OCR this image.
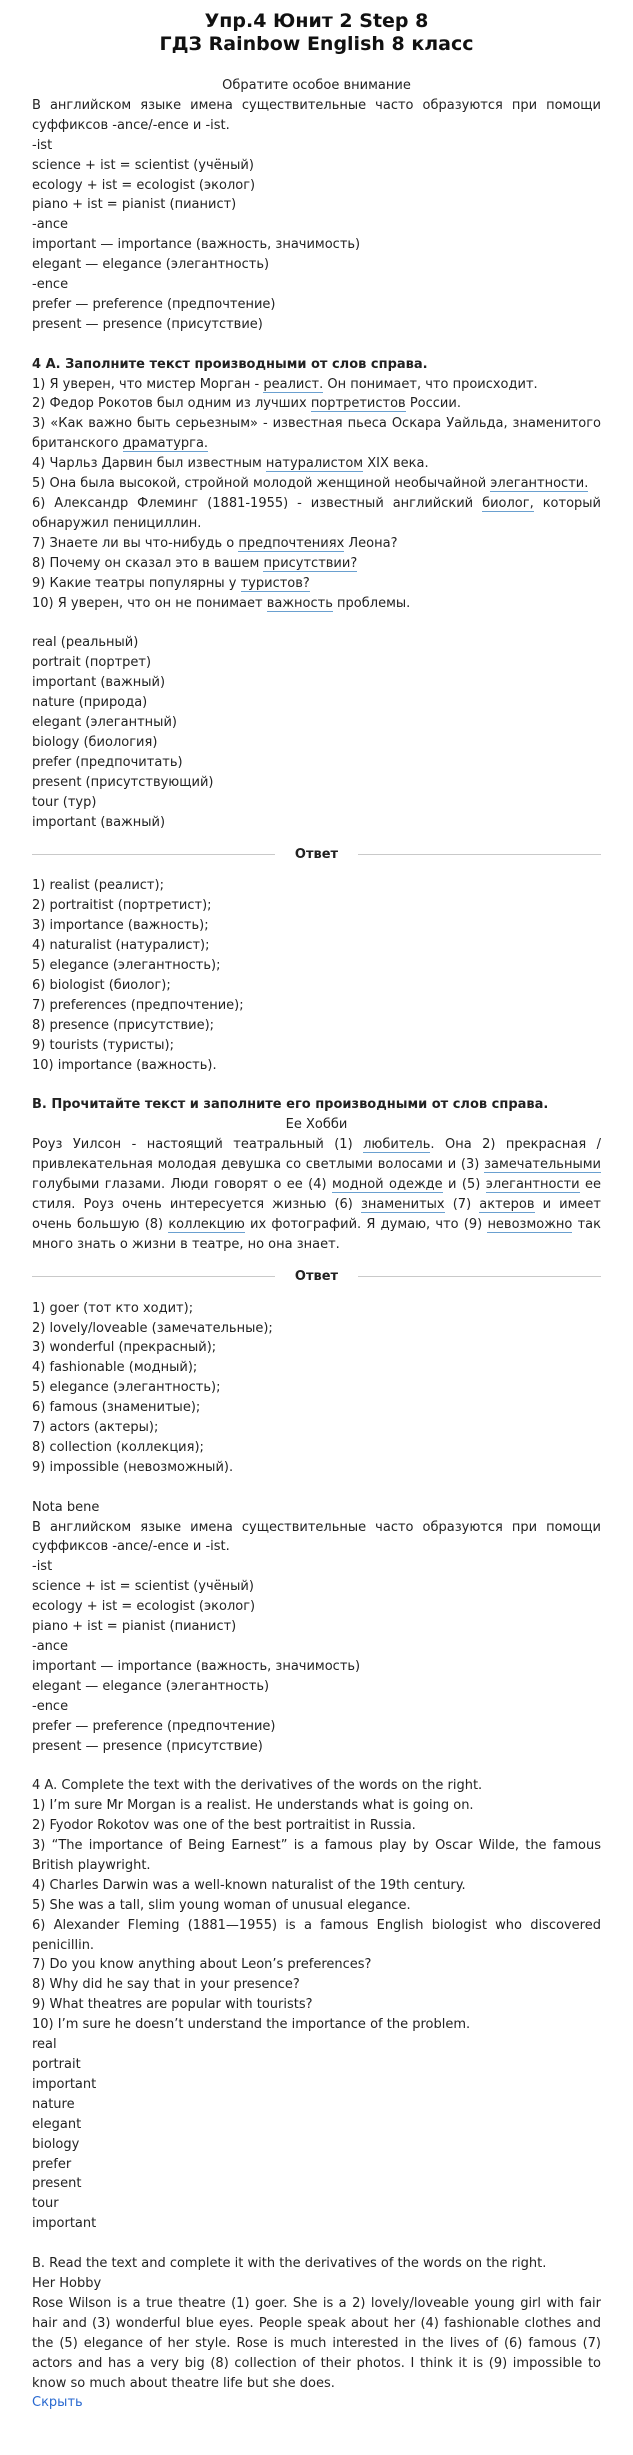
Упр.4 Юнит 2 Step 8
ГДЗ Rainbow English 8 класс
Обратите особое внимание
В английском языке имена существительные часто образуются при помощи суффиксов -ance/-ence и -ist.
-ist
science + ist = scientist (учёный)
ecology + ist = ecologist (эколог)
piano + ist = pianist (пианист)
-ance
important — importance (важность, значимость)
elegant — elegance (элегантность)
-ence
prefer — preference (предпочтение)
present — presence (присутствие)
4 А. Заполните текст производными от слов справа.
1) Я уверен, что мистер Морган - реалист. Он понимает, что происходит.
2) Федор Рокотов был одним из лучших портретистов России.
3) «Как важно быть серьезным» - известная пьеса Оскара Уайльда, знаменитого британского драматурга.
4) Чарльз Дарвин был известным натуралистом XIX века.
5) Она была высокой, стройной молодой женщиной необычайной элегантности.
6) Александр Флеминг (1881-1955) - известный английский биолог, который обнаружил пенициллин.
7) Знаете ли вы что-нибудь о предпочтениях Леона?
8) Почему он сказал это в вашем присутствии?
9) Какие театры популярны у туристов?
10) Я уверен, что он не понимает важность проблемы.
real (реальный)
portrait (портрет)
important (важный)
nature (природа)
elegant (элегантный)
biology (биология)
prefer (предпочитать)
present (присутствующий)
tour (тур)
important (важный)
Ответ
1) realist (реалист);
2) portraitist (портретист);
3) importance (важность);
4) naturalist (натуралист);
5) elegance (элегантность);
6) biologist (биолог);
7) preferences (предпочтение);
8) presence (присутствие);
9) tourists (туристы);
10) importance (важность).
В. Прочитайте текст и заполните его производными от слов справа.
Ее Хобби
Роуз Уилсон - настоящий театральный (1) любитель. Она 2) прекрасная / привлекательная молодая девушка со светлыми волосами и (3) замечательными голубыми глазами. Люди говорят о ее (4) модной одежде и (5) элегантности ее стиля. Роуз очень интересуется жизнью (6) знаменитых (7) актеров и имеет очень большую (8) коллекцию их фотографий. Я думаю, что (9) невозможно так много знать о жизни в театре, но она знает.
Ответ
1) goer (тот кто ходит);
2) lovely/loveable (замечательные);
3) wonderful (прекрасный);
4) fashionable (модный);
5) elegance (элегантность);
6) famous (знаменитые);
7) actors (актеры);
8) collection (коллекция);
9) impossible (невозможный).
Nota bene
В английском языке имена существительные часто образуются при помощи суффиксов -ance/-ence и -ist.
-ist
science + ist = scientist (учёный)
ecology + ist = ecologist (эколог)
piano + ist = pianist (пианист)
-ance
important — importance (важность, значимость)
elegant — elegance (элегантность)
-ence
prefer — preference (предпочтение)
present — presence (присутствие)
4 A. Complete the text with the derivatives of the words on the right.
1) I’m sure Mr Morgan is a realist. He understands what is going on.
2) Fyodor Rokotov was one of the best portraitist in Russia.
3) “The importance of Being Earnest” is a famous play by Oscar Wilde, the famous British playwright.
4) Charles Darwin was a well-known naturalist of the 19th century.
5) She was a tall, slim young woman of unusual elegance.
6) Alexander Fleming (1881—1955) is a famous English biologist who discovered penicillin.
7) Do you know anything about Leon’s preferences?
8) Why did he say that in your presence?
9) What theatres are popular with tourists?
10) I’m sure he doesn’t understand the importance of the problem.
real
portrait
important
nature
elegant
biology
prefer
present
tour
important
B. Read the text and complete it with the derivatives of the words on the right.
Her Hobby
Rose Wilson is a true theatre (1) goer. She is a 2) lovely/loveable young girl with fair hair and (3) wonderful blue eyes. People speak about her (4) fashionable clothes and the (5) elegance of her style. Rose is much interested in the lives of (6) famous (7) actors and has a very big (8) collection of their photos. I think it is (9) impossible to know so much about theatre life but she does.
Скрыть
